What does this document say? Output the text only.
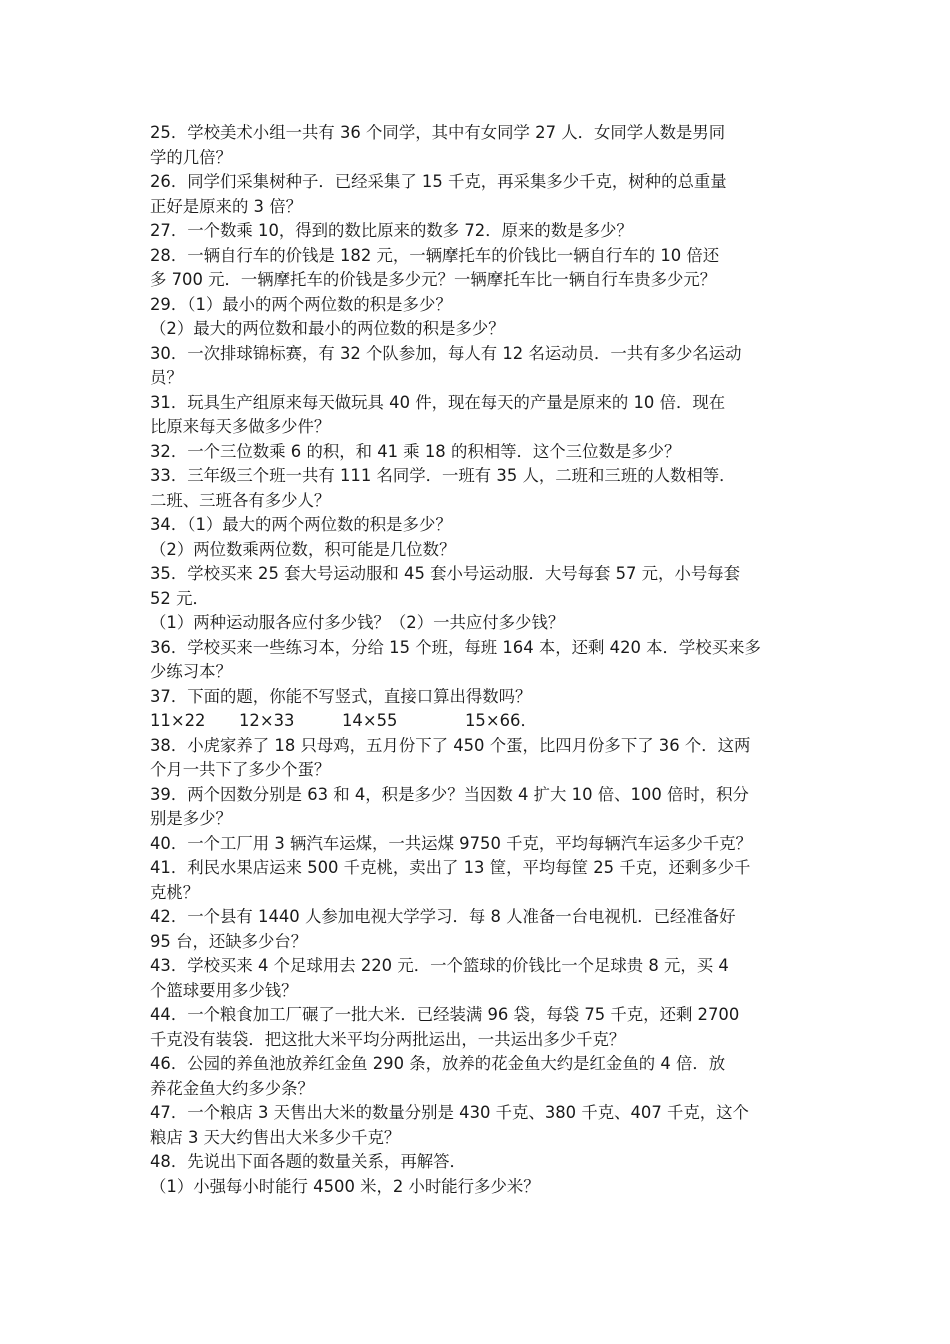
25．学校美术小组一共有 36 个同学，其中有女同学 27 人．女同学人数是男同
学的几倍？
26．同学们采集树种子．已经采集了 15 千克，再采集多少千克，树种的总重量
正好是原来的 3 倍？
27．一个数乘 10，得到的数比原来的数多 72．原来的数是多少？
28．一辆自行车的价钱是 182 元，一辆摩托车的价钱比一辆自行车的 10 倍还
多 700 元．一辆摩托车的价钱是多少元？一辆摩托车比一辆自行车贵多少元？
29．（1）最小的两个两位数的积是多少？
（2）最大的两位数和最小的两位数的积是多少？
30．一次排球锦标赛，有 32 个队参加，每人有 12 名运动员．一共有多少名运动
员？
31．玩具生产组原来每天做玩具 40 件，现在每天的产量是原来的 10 倍．现在
比原来每天多做多少件？
32．一个三位数乘 6 的积，和 41 乘 18 的积相等．这个三位数是多少？
33．三年级三个班一共有 111 名同学．一班有 35 人，二班和三班的人数相等．
二班、三班各有多少人？
34．（1）最大的两个两位数的积是多少？
（2）两位数乘两位数，积可能是几位数？
35．学校买来 25 套大号运动服和 45 套小号运动服．大号每套 57 元，小号每套
52 元．
（1）两种运动服各应付多少钱？（2）一共应付多少钱？
36．学校买来一些练习本，分给 15 个班，每班 164 本，还剩 420 本．学校买来多
少练习本？
37．下面的题，你能不写竖式，直接口算出得数吗？
11×22	12×33	14×55	15×66．
38．小虎家养了 18 只母鸡，五月份下了 450 个蛋，比四月份多下了 36 个．这两
个月一共下了多少个蛋？
39．两个因数分别是 63 和 4，积是多少？当因数 4 扩大 10 倍、100 倍时，积分
别是多少？
40．一个工厂用 3 辆汽车运煤，一共运煤 9750 千克，平均每辆汽车运多少千克？
41．利民水果店运来 500 千克桃，卖出了 13 筐，平均每筐 25 千克，还剩多少千
克桃？
42．一个县有 1440 人参加电视大学学习．每 8 人准备一台电视机．已经准备好
95 台，还缺多少台？
43．学校买来 4 个足球用去 220 元．一个篮球的价钱比一个足球贵 8 元，买 4
个篮球要用多少钱？
44．一个粮食加工厂碾了一批大米．已经装满 96 袋，每袋 75 千克，还剩 2700
千克没有装袋．把这批大米平均分两批运出，一共运出多少千克？
46．公园的养鱼池放养红金鱼 290 条，放养的花金鱼大约是红金鱼的 4 倍．放
养花金鱼大约多少条？
47．一个粮店 3 天售出大米的数量分别是 430 千克、380 千克、407 千克，这个
粮店 3 天大约售出大米多少千克？
48．先说出下面各题的数量关系，再解答．
（1）小强每小时能行 4500 米，2 小时能行多少米？
